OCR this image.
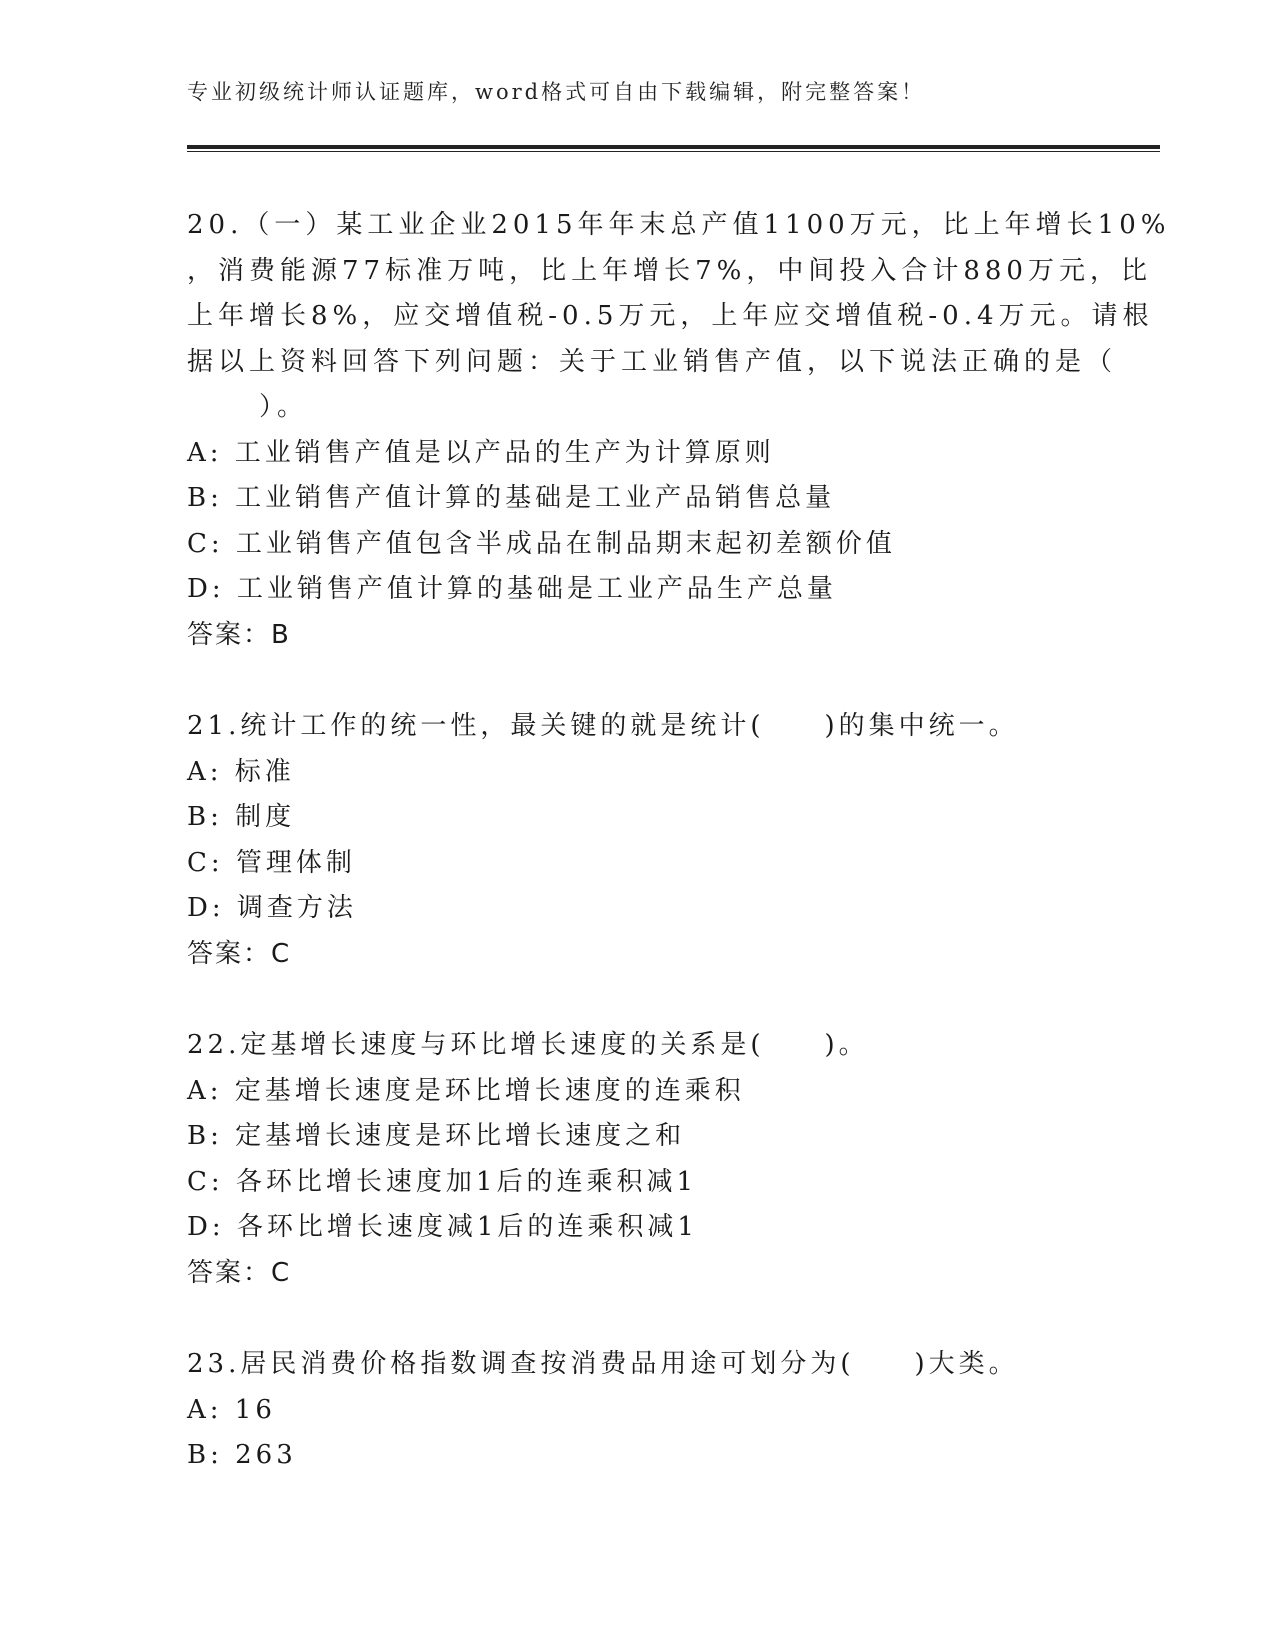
专业初级统计师认证题库，word格式可自由下载编辑，附完整答案！
20.（一）某工业企业2015年年末总产值1100万元，比上年增长10%
，消费能源77标准万吨，比上年增长7%，中间投入合计880万元，比
上年增长8%，应交增值税-0.5万元，上年应交增值税-0.4万元。请根
据以上资料回答下列问题：关于工业销售产值，以下说法正确的是（
）。
A: 工业销售产值是以产品的生产为计算原则
B: 工业销售产值计算的基础是工业产品销售总量
C: 工业销售产值包含半成品在制品期末起初差额价值
D: 工业销售产值计算的基础是工业产品生产总量
答案：B
21.统计工作的统一性，最关键的就是统计(　　)的集中统一。
A: 标准
B: 制度
C: 管理体制
D: 调查方法
答案：C
22.定基增长速度与环比增长速度的关系是(　　)。
A: 定基增长速度是环比增长速度的连乘积
B: 定基增长速度是环比增长速度之和
C: 各环比增长速度加1后的连乘积减1
D: 各环比增长速度减1后的连乘积减1
答案：C
23.居民消费价格指数调查按消费品用途可划分为(　　)大类。
A: 16
B: 263
